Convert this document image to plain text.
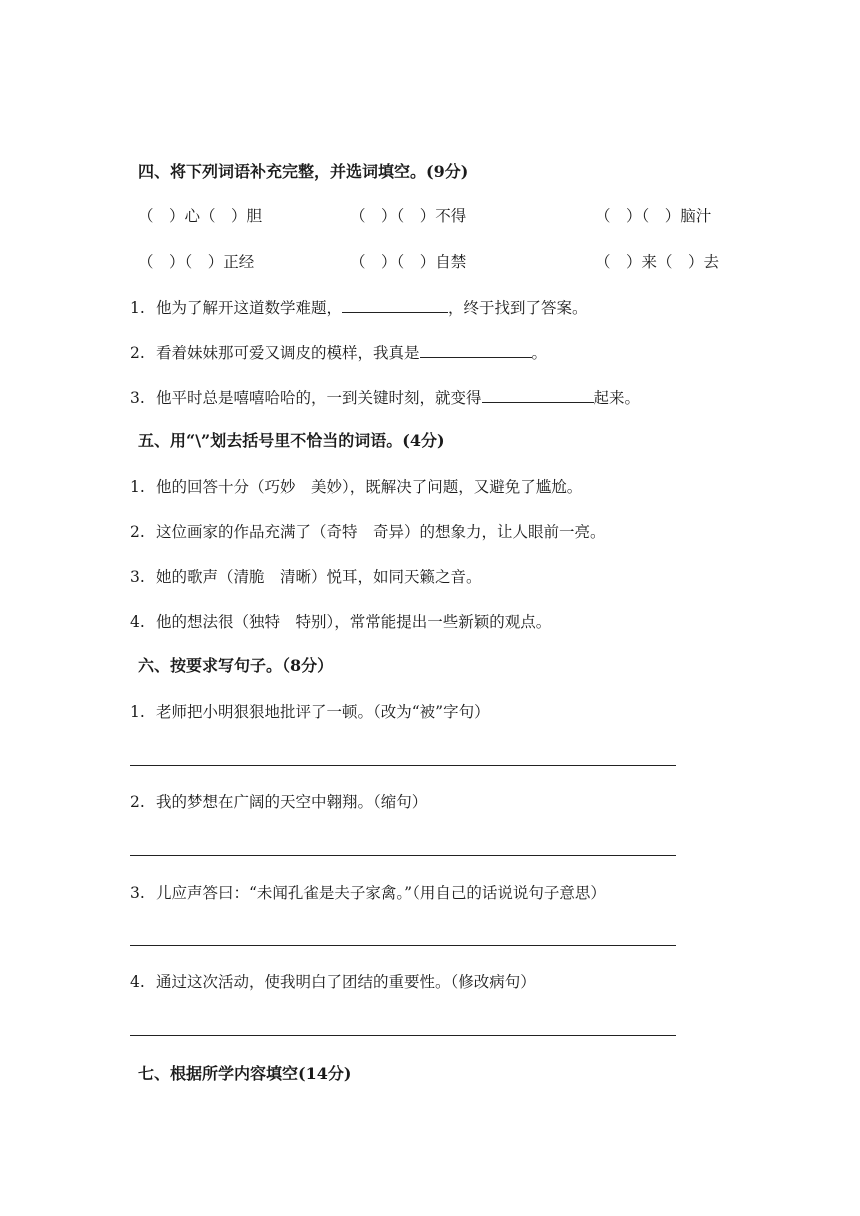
四、将下列词语补充完整，并选词填空。(9分)
（　）心（　）胆	（　）（　）不得	（　）（　）脑汁
（　）（　）正经	（　）（　）自禁	（　）来（　）去
1. 他为了解开这道数学难题，	，终于找到了答案。
2. 看着妹妹那可爱又调皮的模样，我真是	。
3. 他平时总是嘻嘻哈哈的，一到关键时刻，就变得	起来。
五、用“\”划去括号里不恰当的词语。(4分)
1. 他的回答十分（巧妙　美妙），既解决了问题，又避免了尴尬。
2. 这位画家的作品充满了（奇特　奇异）的想象力，让人眼前一亮。
3. 她的歌声（清脆　清晰）悦耳，如同天籁之音。
4. 他的想法很（独特　特别），常常能提出一些新颖的观点。
六、按要求写句子。（8分）
1. 老师把小明狠狠地批评了一顿。（改为“被”字句）
2. 我的梦想在广阔的天空中翱翔。（缩句）
3. 儿应声答曰：“未闻孔雀是夫子家禽。”（用自己的话说说句子意思）
4. 通过这次活动，使我明白了团结的重要性。（修改病句）
七、根据所学内容填空(14分)
